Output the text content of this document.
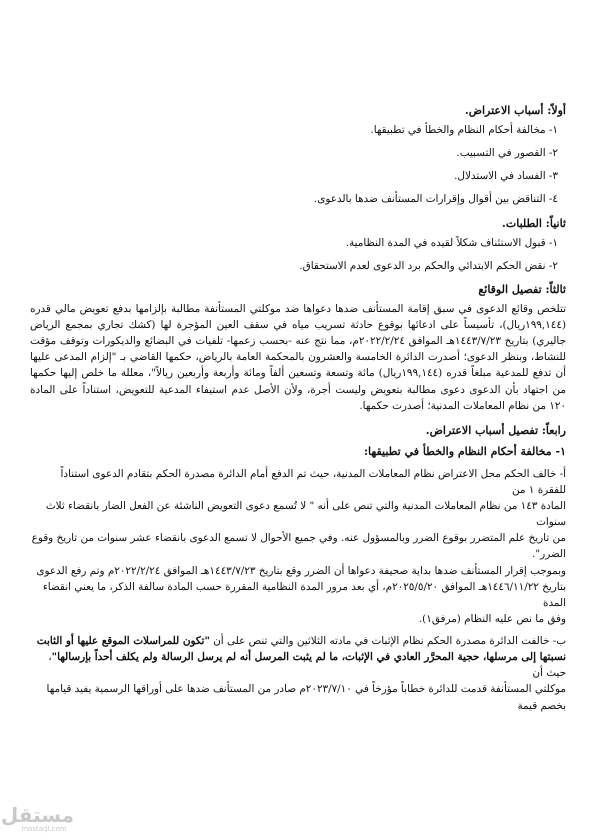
أولاً: أسباب الاعتراض.
١- مخالفة أحكام النظام والخطأ في تطبيقها.
٢- القصور في التسبيب.
٣- الفساد في الاستدلال.
٤- التناقض بين أقوال وإقرارات المستأنف ضدها بالدعوى.
ثانياً: الطلبات.
١- قبول الاستئناف شكلاً لقيده في المدة النظامية.
٢- نقض الحكم الابتدائي والحكم برد الدعوى لعدم الاستحقاق.
ثالثاً: تفصيل الوقائع

تتلخص وقائع الدعوى في سبق إقامة المستأنف ضدها دعواها ضد موكلتي المستأنفة مطالبة بإلزامها بدفع تعويض مالي قدره (١٩٩,١٤٤ريال)، تأسيساً على ادعائها بوقوع حادثة تسريب مياه في سقف العين المؤجرة لها (كشك تجاري بمجمع الرياض جاليري) بتاريخ ١٤٤٣/٧/٢٣هـ الموافق ٢٠٢٢/٢/٢٤م، مما نتج عنه -بحسب زعمها- تلفيات في البضائع والديكورات وتوقف مؤقت للنشاط، وبنظر الدعوى؛ أصدرت الدائرة الخامسة والعشرون بالمحكمة العامة بالرياض، حكمها القاضي بـ "إلزام المدعى عليها أن تدفع للمدعية مبلغاً قدره (١٩٩,١٤٤ريال) مائة وتسعة وتسعين ألفاً ومائة وأربعة وأربعين ريالاً"، معللة ما خلص إليها حكمها من اجتهاد بأن الدعوى دعوى مطالبة بتعويض وليست أجرة، ولأن الأصل عدم استيفاء المدعية للتعويض، استناداً على المادة ١٢٠ من نظام المعاملات المدنية؛ أصدرت حكمها.

رابعاً: تفصيل أسباب الاعتراض.
١- مخالفة أحكام النظام والخطأ في تطبيقها:

أ- خالف الحكم محل الاعتراض نظام المعاملات المدنية، حيث تم الدفع أمام الدائرة مصدرة الحكم بتقادم الدعوى استناداً للفقرة ١ من

المادة ١٤٣ من نظام المعاملات المدنية والتي تنص على أنه " لا تُسمع دعوى التعويض الناشئة عن الفعل الضار بانقضاء ثلاث سنوات

من تاريخ علم المتضرر بوقوع الضرر وبالمسؤول عنه. وفي جميع الأحوال لا تسمع الدعوى بانقضاء عشر سنوات من تاريخ وقوع الضرر".

وبموجب إقرار المستأنف ضدها بداية صحيفة دعواها أن الضرر وقع بتاريخ ١٤٤٣/٧/٢٣هـ الموافق ٢٠٢٢/٢/٢٤م وتم رفع الدعوى

بتاريخ ١٤٤٦/١١/٢٢هـ الموافق ٢٠٢٥/٥/٢٠م، أي بعد مرور المدة النظامية المقررة حسب المادة سالفة الذكر، ما يعني انقضاء المدة

وفق ما نص عليه النظام (مرفق١).

ب- خالفت الدائرة مصدرة الحكم نظام الإثبات في مادته الثلاثين والتي تنص على أن "تكون للمراسلات الموقع عليها أو الثابت

نسبتها إلى مرسلها، حجية المحرَّر العادي في الإثبات، ما لم يثبت المرسل أنه لم يرسل الرسالة ولم يكلف أحداً بإرسالها"، حيث أن

موكلتي المستأنفة قدمت للدائرة خطاباً مؤرخاً في ٢٠٢٣/٧/١٠م صادر من المستأنف ضدها على أوراقها الرسمية يفيد قيامها بخصم قيمة

مستقل
mostaql.com
